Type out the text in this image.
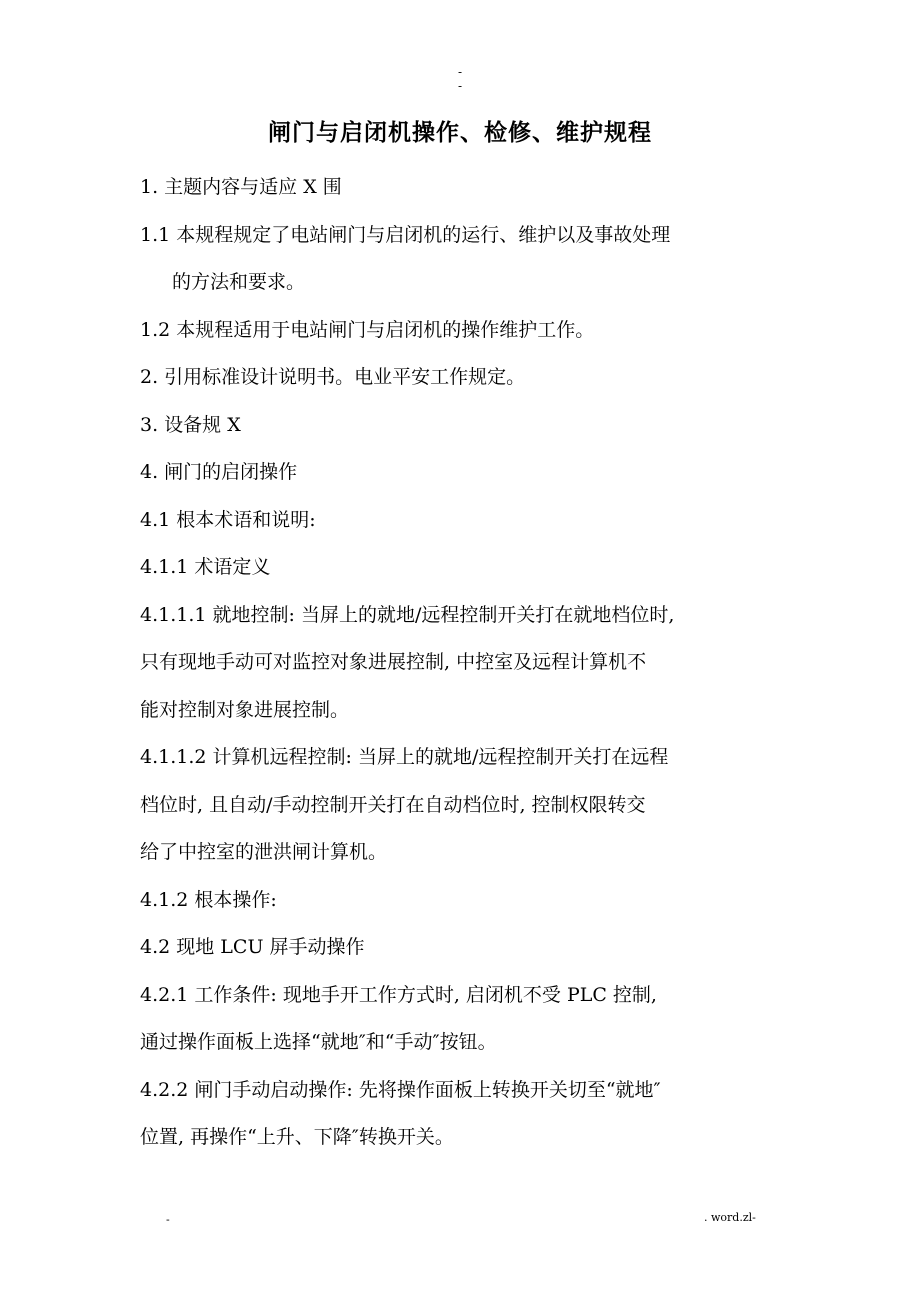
-
-
闸门与启闭机操作、检修、维护规程

1. 主题内容与适应 X 围

1.1 本规程规定了电站闸门与启闭机的运行、维护以及事故处理

的方法和要求。

1.2 本规程适用于电站闸门与启闭机的操作维护工作。

2. 引用标准设计说明书。电业平安工作规定。

3. 设备规 X

4. 闸门的启闭操作

4.1 根本术语和说明:

4.1.1 术语定义

4.1.1.1 就地控制: 当屏上的就地/远程控制开关打在就地档位时,

只有现地手动可对监控对象进展控制, 中控室及远程计算机不

能对控制对象进展控制。

4.1.1.2 计算机远程控制: 当屏上的就地/远程控制开关打在远程

档位时, 且自动/手动控制开关打在自动档位时, 控制权限转交

给了中控室的泄洪闸计算机。

4.1.2 根本操作:

4.2 现地 LCU 屏手动操作

4.2.1 工作条件: 现地手开工作方式时, 启闭机不受 PLC 控制,

通过操作面板上选择“就地″和“手动″按钮。

4.2.2 闸门手动启动操作: 先将操作面板上转换开关切至“就地″

位置, 再操作“上升、下降″转换开关。

-	. word.zl-
